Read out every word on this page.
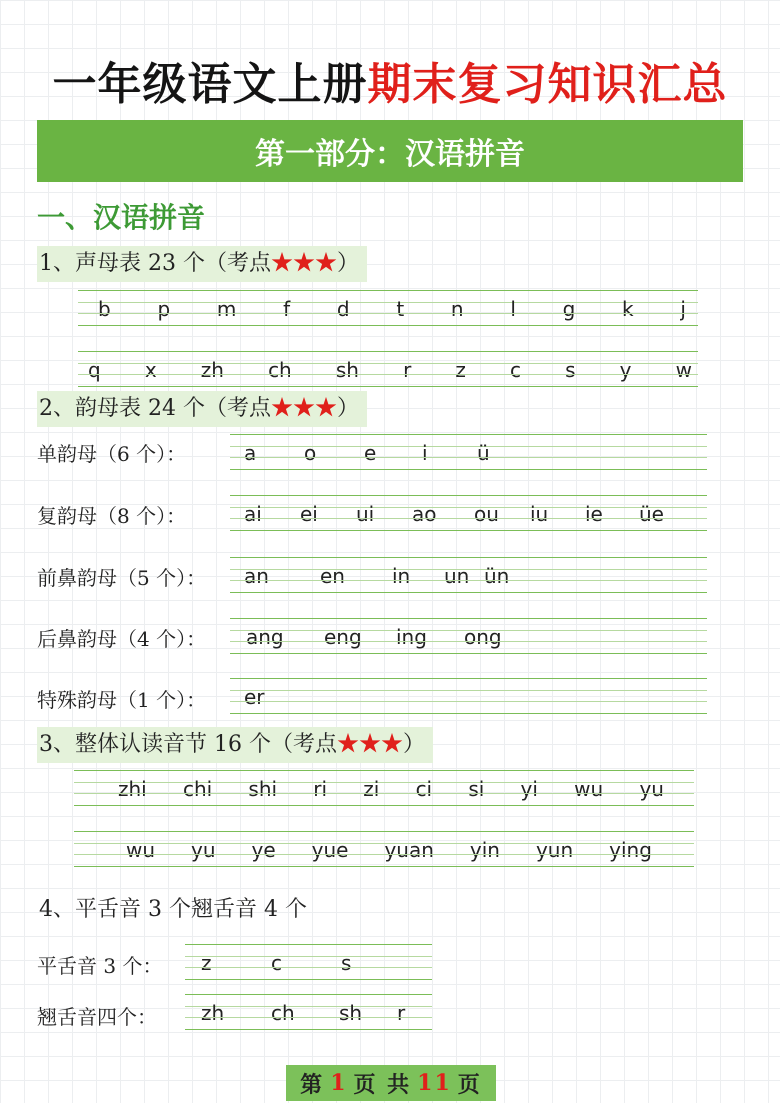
一年级语文上册期末复习知识汇总
第一部分：汉语拼音
一、汉语拼音
1、声母表 23 个（考点★★★）
b p m f d t n l g k j
q x zh ch sh r z c s y w
2、韵母表 24 个（考点★★★）
单韵母（6 个）：	a	o	e	i	ü
复韵母（8 个）：	ai	ei	ui	ao	ou	iu	ie	üe
前鼻韵母（5 个）： an	en	in	un ün
后鼻韵母（4 个）： ang	eng	ing	ong
特殊韵母（1 个）： er
3、整体认读音节 16 个（考点★★★）
zhi chi shi ri zi ci si yi wu yu
wu yu ye yue yuan yin yun ying
4、平舌音 3 个翘舌音 4 个
平舌音 3 个： z	c	s
翘舌音四个： zh	ch	sh	r
第 1 页 共 11 页
